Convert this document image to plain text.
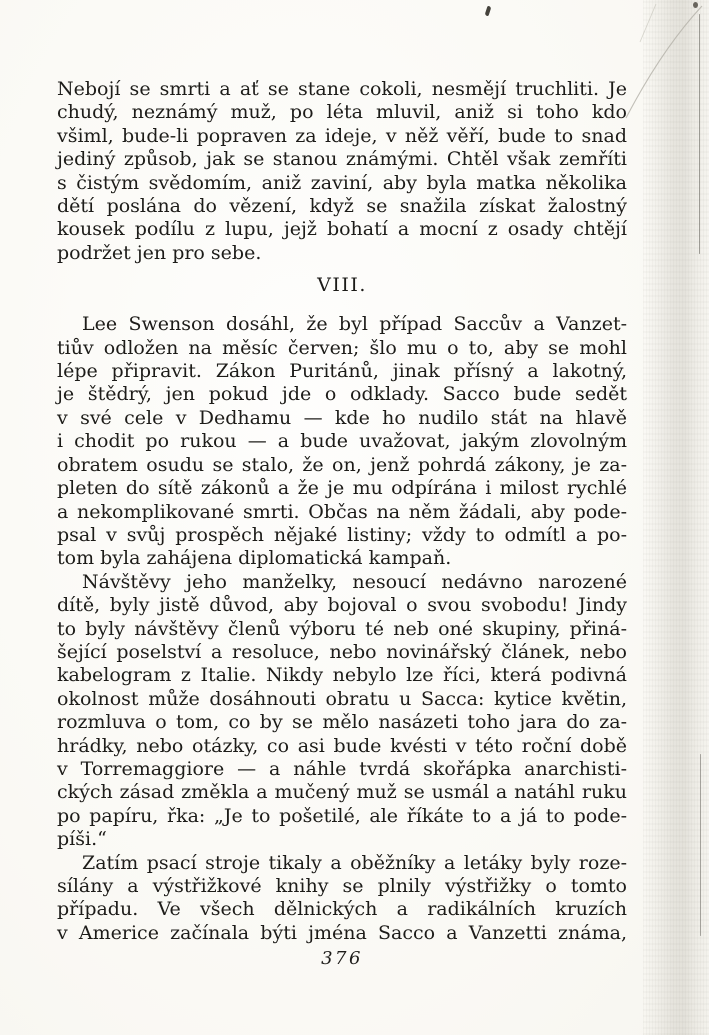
Nebojí se smrti a ať se stane cokoli, nesmějí truchliti. Je
chudý, neznámý muž, po léta mluvil, aniž si toho kdo
všiml, bude-li popraven za ideje, v něž věří, bude to snad
jediný způsob, jak se stanou známými. Chtěl však zemříti
s čistým svědomím, aniž zaviní, aby byla matka několika
dětí poslána do vězení, když se snažila získat žalostný
kousek podílu z lupu, jejž bohatí a mocní z osady chtějí
podržet jen pro sebe.
VIII.
Lee Swenson dosáhl, že byl případ Saccův a Vanzet-
tiův odložen na měsíc červen; šlo mu o to, aby se mohl
lépe připravit. Zákon Puritánů, jinak přísný a lakotný,
je štědrý, jen pokud jde o odklady. Sacco bude sedět
v své cele v Dedhamu — kde ho nudilo stát na hlavě
i chodit po rukou — a bude uvažovat, jakým zlovolným
obratem osudu se stalo, že on, jenž pohrdá zákony, je za-
pleten do sítě zákonů a že je mu odpírána i milost rychlé
a nekomplikované smrti. Občas na něm žádali, aby pode-
psal v svůj prospěch nějaké listiny; vždy to odmítl a po-
tom byla zahájena diplomatická kampaň.
Návštěvy jeho manželky, nesoucí nedávno narozené
dítě, byly jistě důvod, aby bojoval o svou svobodu! Jindy
to byly návštěvy členů výboru té neb oné skupiny, přiná-
šející poselství a resoluce, nebo novinářský článek, nebo
kabelogram z Italie. Nikdy nebylo lze říci, která podivná
okolnost může dosáhnouti obratu u Sacca: kytice květin,
rozmluva o tom, co by se mělo nasázeti toho jara do za-
hrádky, nebo otázky, co asi bude kvésti v této roční době
v Torremaggiore — a náhle tvrdá skořápka anarchisti-
ckých zásad změkla a mučený muž se usmál a natáhl ruku
po papíru, řka: „Je to pošetilé, ale říkáte to a já to pode-
píši.“
Zatím psací stroje tikaly a oběžníky a letáky byly roze-
sílány a výstřižkové knihy se plnily výstřižky o tomto
případu. Ve všech dělnických a radikálních kruzích
v Americe začínala býti jména Sacco a Vanzetti známa,
376
